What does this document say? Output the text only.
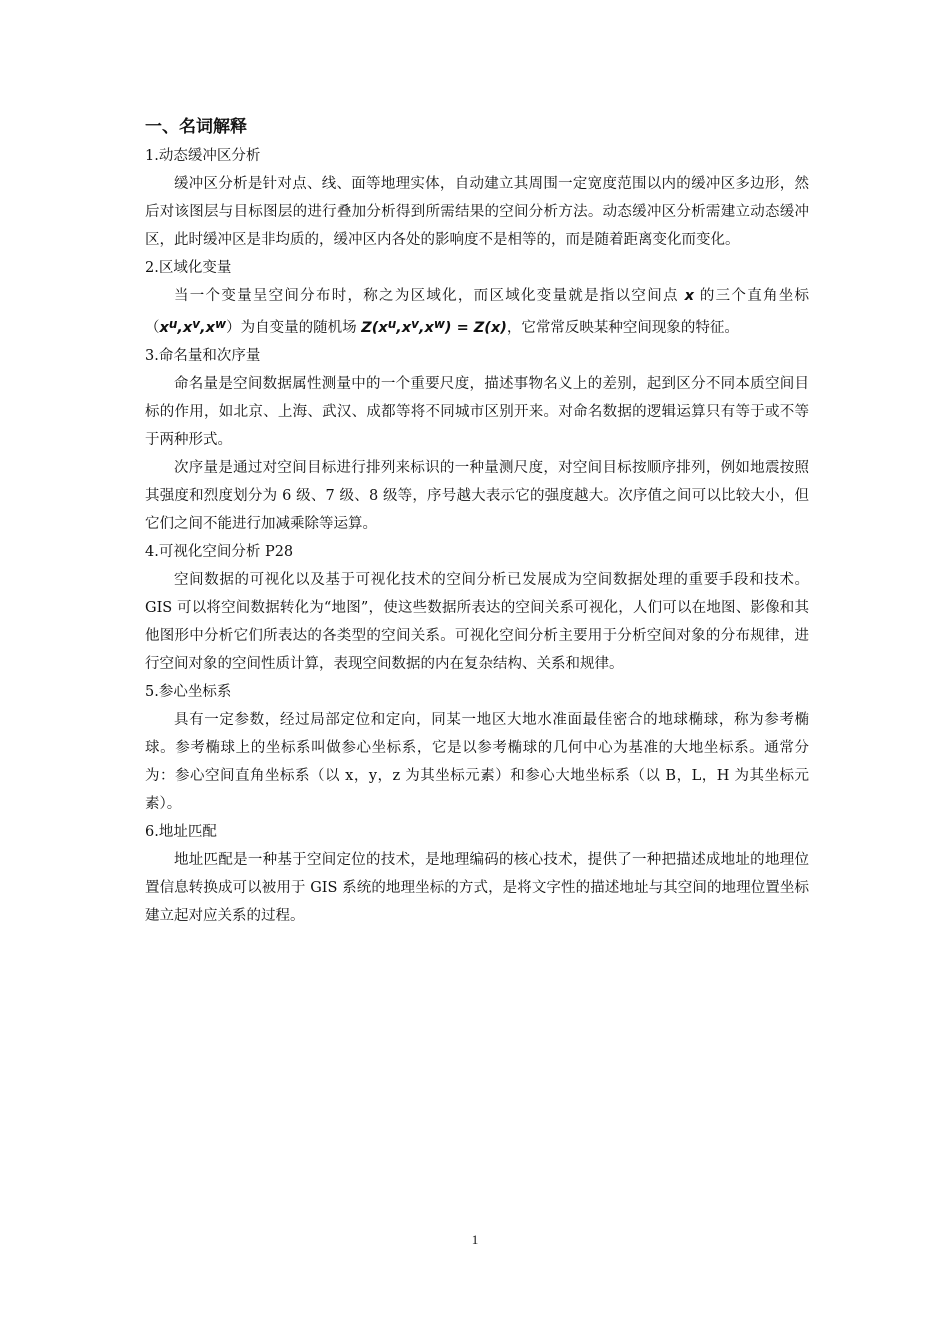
一、名词解释
1.动态缓冲区分析

缓冲区分析是针对点、线、面等地理实体，自动建立其周围一定宽度范围以内的缓冲区多边形，然后对该图层与目标图层的进行叠加分析得到所需结果的空间分析方法。动态缓冲区分析需建立动态缓冲区，此时缓冲区是非均质的，缓冲区内各处的影响度不是相等的，而是随着距离变化而变化。

2.区域化变量

当一个变量呈空间分布时，称之为区域化，而区域化变量就是指以空间点 x 的三个直角坐标$(x^u,x^v,x^w)$为自变量的随机场 $Z(x^u,x^v,x^w) = Z(x)$，它常常反映某种空间现象的特征。

3.命名量和次序量

命名量是空间数据属性测量中的一个重要尺度，描述事物名义上的差别，起到区分不同本质空间目标的作用，如北京、上海、武汉、成都等将不同城市区别开来。对命名数据的逻辑运算只有等于或不等于两种形式。

次序量是通过对空间目标进行排列来标识的一种量测尺度，对空间目标按顺序排列，例如地震按照其强度和烈度划分为 6 级、7 级、8 级等，序号越大表示它的强度越大。次序值之间可以比较大小，但它们之间不能进行加减乘除等运算。

4.可视化空间分析 P28

空间数据的可视化以及基于可视化技术的空间分析已发展成为空间数据处理的重要手段和技术。GIS 可以将空间数据转化为“地图”，使这些数据所表达的空间关系可视化，人们可以在地图、影像和其他图形中分析它们所表达的各类型的空间关系。可视化空间分析主要用于分析空间对象的分布规律，进行空间对象的空间性质计算，表现空间数据的内在复杂结构、关系和规律。

5.参心坐标系

具有一定参数，经过局部定位和定向，同某一地区大地水准面最佳密合的地球椭球，称为参考椭球。参考椭球上的坐标系叫做参心坐标系，它是以参考椭球的几何中心为基准的大地坐标系。通常分为：参心空间直角坐标系（以 x，y，z 为其坐标元素）和参心大地坐标系（以 B，L，H 为其坐标元素）。

6.地址匹配

地址匹配是一种基于空间定位的技术，是地理编码的核心技术，提供了一种把描述成地址的地理位置信息转换成可以被用于 GIS 系统的地理坐标的方式，是将文字性的描述地址与其空间的地理位置坐标建立起对应关系的过程。

1
